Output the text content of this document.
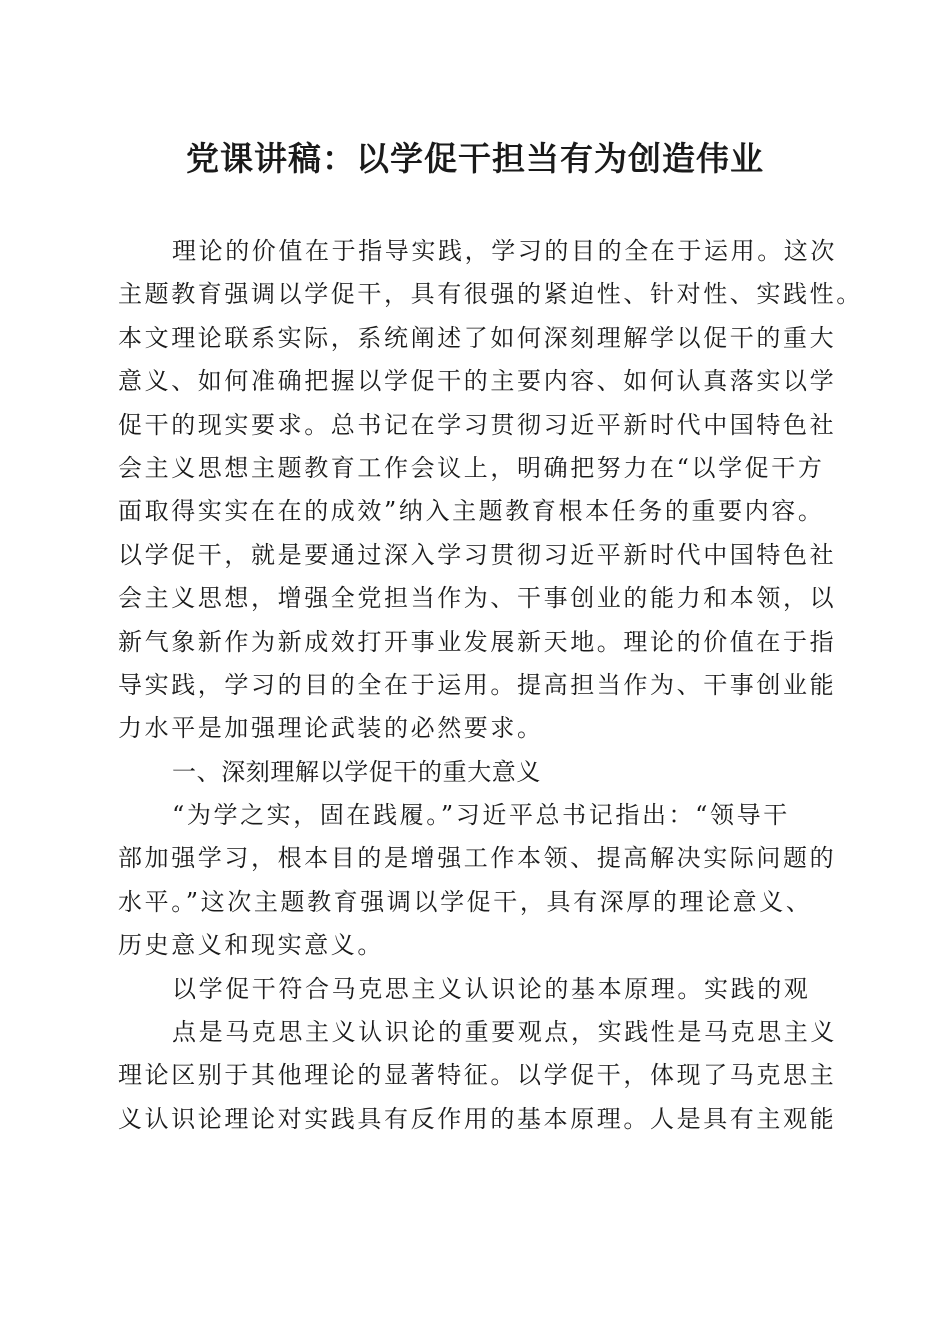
党课讲稿：以学促干担当有为创造伟业
理论的价值在于指导实践，学习的目的全在于运用。这次
主题教育强调以学促干，具有很强的紧迫性、针对性、实践性。
本文理论联系实际，系统阐述了如何深刻理解学以促干的重大
意义、如何准确把握以学促干的主要内容、如何认真落实以学
促干的现实要求。总书记在学习贯彻习近平新时代中国特色社
会主义思想主题教育工作会议上，明确把努力在“以学促干方
面取得实实在在的成效”纳入主题教育根本任务的重要内容。
以学促干，就是要通过深入学习贯彻习近平新时代中国特色社
会主义思想，增强全党担当作为、干事创业的能力和本领，以
新气象新作为新成效打开事业发展新天地。理论的价值在于指
导实践，学习的目的全在于运用。提高担当作为、干事创业能
力水平是加强理论武装的必然要求。
一、深刻理解以学促干的重大意义
“为学之实，固在践履。”习近平总书记指出：“领导干
部加强学习，根本目的是增强工作本领、提高解决实际问题的
水平。”这次主题教育强调以学促干，具有深厚的理论意义、
历史意义和现实意义。
以学促干符合马克思主义认识论的基本原理。实践的观
点是马克思主义认识论的重要观点，实践性是马克思主义
理论区别于其他理论的显著特征。以学促干，体现了马克思主
义认识论理论对实践具有反作用的基本原理。人是具有主观能
